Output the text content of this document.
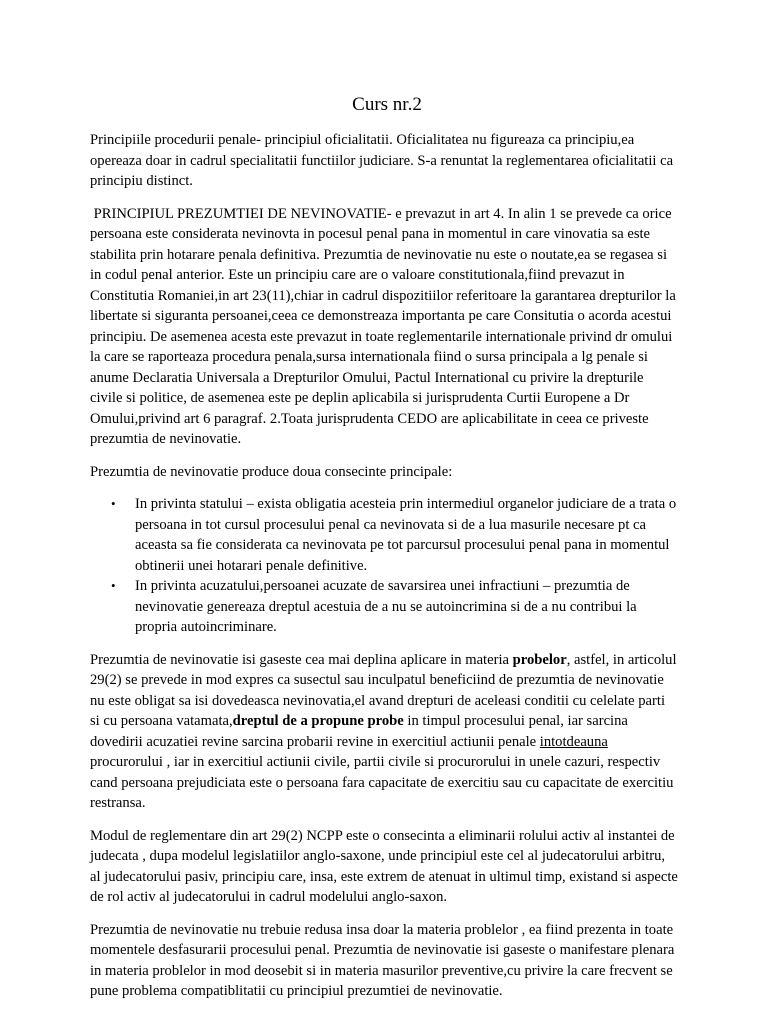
Curs nr.2

Principiile procedurii penale- principiul oficialitatii. Oficialitatea nu figureaza ca principiu,ea opereaza doar in cadrul specialitatii functiilor judiciare. S-a renuntat la reglementarea oficialitatii ca principiu distinct.

PRINCIPIUL PREZUMTIEI DE NEVINOVATIE- e prevazut in art 4. In alin 1 se prevede ca orice persoana este considerata nevinovta in pocesul penal pana in momentul in care vinovatia sa este stabilita prin hotarare penala definitiva. Prezumtia de nevinovatie nu este o noutate,ea se regasea si in codul penal anterior. Este un principiu care are o valoare constitutionala,fiind prevazut in Constitutia Romaniei,in art 23(11),chiar in cadrul dispozitiilor referitoare la garantarea drepturilor la libertate si siguranta persoanei,ceea ce demonstreaza importanta pe care Consitutia o acorda acestui principiu. De asemenea acesta este prevazut in toate reglementarile internationale privind dr omului la care se raporteaza procedura penala,sursa internationala fiind o sursa principala a lg penale si anume Declaratia Universala a Drepturilor Omului, Pactul International cu privire la drepturile civile si politice, de asemenea este pe deplin aplicabila si jurisprudenta Curtii Europene a Dr Omului,privind art 6 paragraf. 2.Toata jurisprudenta CEDO are aplicabilitate in ceea ce priveste prezumtia de nevinovatie.

Prezumtia de nevinovatie produce doua consecinte principale:

• In privinta statului – exista obligatia acesteia prin intermediul organelor judiciare de a trata o persoana in tot cursul procesului penal ca nevinovata si de a lua masurile necesare pt ca aceasta sa fie considerata ca nevinovata pe tot parcursul procesului penal pana in momentul obtinerii unei hotarari penale definitive.
• In privinta acuzatului,persoanei acuzate de savarsirea unei infractiuni – prezumtia de nevinovatie genereaza dreptul acestuia de a nu se autoincrimina si de a nu contribui la propria autoincriminare.

Prezumtia de nevinovatie isi gaseste cea mai deplina aplicare in materia probelor, astfel, in articolul 29(2) se prevede in mod expres ca susectul sau inculpatul beneficiind de prezumtia de nevinovatie nu este obligat sa isi dovedeasca nevinovatia,el avand drepturi de aceleasi conditii cu celelate parti si cu persoana vatamata,dreptul de a propune probe in timpul procesului penal, iar sarcina dovedirii acuzatiei revine sarcina probarii revine in exercitiul actiunii penale intotdeauna procurorului , iar in exercitiul actiunii civile, partii civile si procurorului in unele cazuri, respectiv cand persoana prejudiciata este o persoana fara capacitate de exercitiu sau cu capacitate de exercitiu restransa.

Modul de reglementare din art 29(2) NCPP este o consecinta a eliminarii rolului activ al instantei de judecata , dupa modelul legislatiilor anglo-saxone, unde principiul este cel al judecatorului arbitru, al judecatorului pasiv, principiu care, insa, este extrem de atenuat in ultimul timp, existand si aspecte de rol activ al judecatorului in cadrul modelului anglo-saxon.

Prezumtia de nevinovatie nu trebuie redusa insa doar la materia problelor , ea fiind prezenta in toate momentele desfasurarii procesului penal. Prezumtia de nevinovatie isi gaseste o manifestare plenara in materia problelor in mod deosebit si in materia masurilor preventive,cu privire la care frecvent se pune problema compatiblitatii cu principiul prezumtiei de nevinovatie.
